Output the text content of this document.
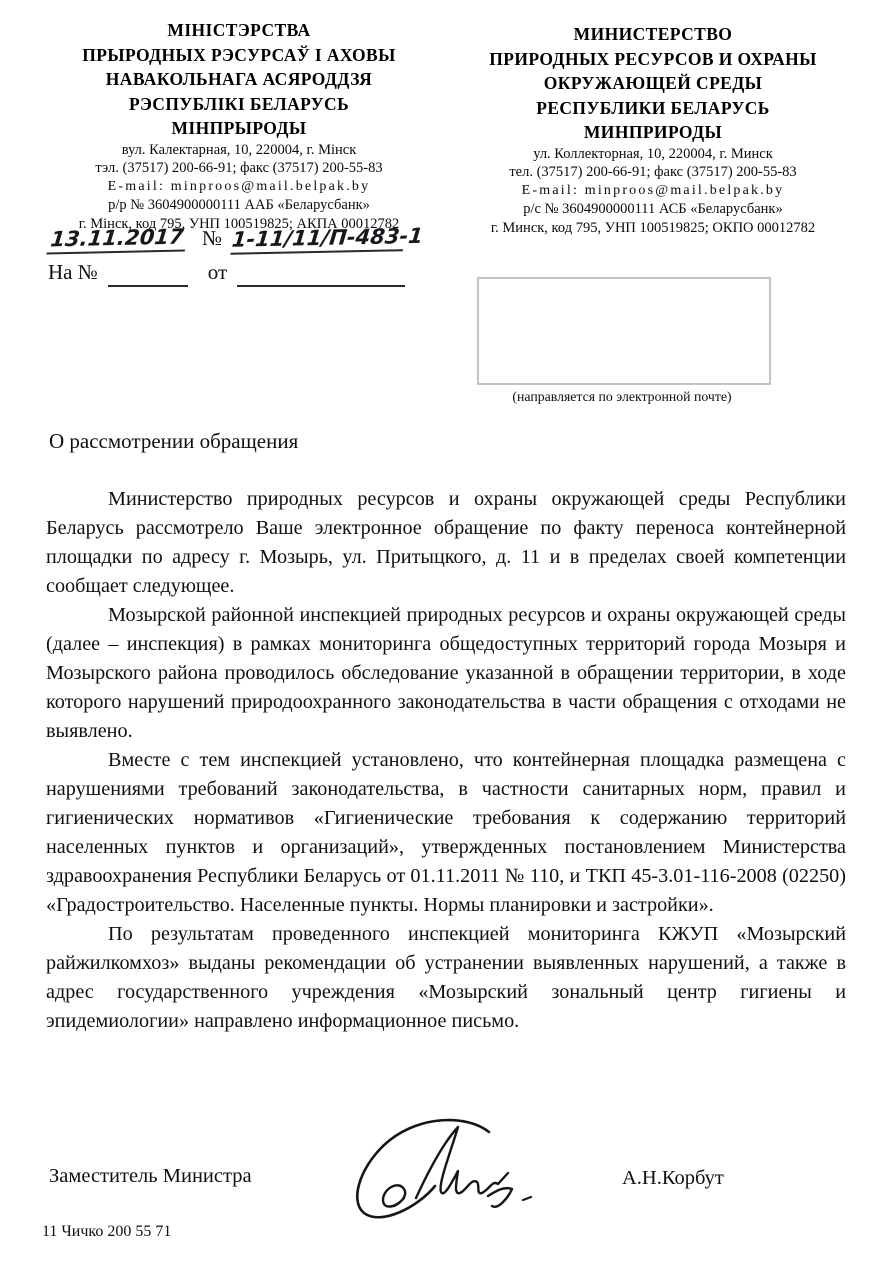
МІНІСТЭРСТВА
ПРЫРОДНЫХ РЭСУРСАЎ І АХОВЫ
НАВАКОЛЬНАГА АСЯРОДДЗЯ
РЭСПУБЛІКІ БЕЛАРУСЬ
МІНПРЫРОДЫ
вул. Калектарная, 10, 220004, г. Мінск
тэл. (37517) 200-66-91; факс (37517) 200-55-83
E-mail: minproos@mail.belpak.by
р/р № 3604900000111 ААБ «Беларусбанк»
г. Мінск, код 795, УНП 100519825; АКПА 00012782
МИНИСТЕРСТВО
ПРИРОДНЫХ РЕСУРСОВ И ОХРАНЫ
ОКРУЖАЮЩЕЙ СРЕДЫ
РЕСПУБЛИКИ БЕЛАРУСЬ
МИНПРИРОДЫ
ул. Коллекторная, 10, 220004, г. Минск
тел. (37517) 200-66-91; факс (37517) 200-55-83
E-mail: minproos@mail.belpak.by
р/с № 3604900000111 АСБ «Беларусбанк»
г. Минск, код 795, УНП 100519825; ОКПО 00012782
13.11.2017 № 1-11/11/П-483-1
На №	от
(направляется по электронной почте)
О рассмотрении обращения

Министерство природных ресурсов и охраны окружающей среды Республики Беларусь рассмотрело Ваше электронное обращение по факту переноса контейнерной площадки по адресу г. Мозырь, ул. Притыцкого, д. 11 и в пределах своей компетенции сообщает следующее.

Мозырской районной инспекцией природных ресурсов и охраны окружающей среды (далее – инспекция) в рамках мониторинга общедоступных территорий города Мозыря и Мозырского района проводилось обследование указанной в обращении территории, в ходе которого нарушений природоохранного законодательства в части обращения с отходами не выявлено.

Вместе с тем инспекцией установлено, что контейнерная площадка размещена с нарушениями требований законодательства, в частности санитарных норм, правил и гигиенических нормативов «Гигиенические требования к содержанию территорий населенных пунктов и организаций», утвержденных постановлением Министерства здравоохранения Республики Беларусь от 01.11.2011 № 110, и ТКП 45-3.01-116-2008 (02250) «Градостроительство. Населенные пункты. Нормы планировки и застройки».

По результатам проведенного инспекцией мониторинга КЖУП «Мозырский райжилкомхоз» выданы рекомендации об устранении выявленных нарушений, а также в адрес государственного учреждения «Мозырский зональный центр гигиены и эпидемиологии» направлено информационное письмо.

Заместитель Министра	А.Н.Корбут
11 Чичко 200 55 71
